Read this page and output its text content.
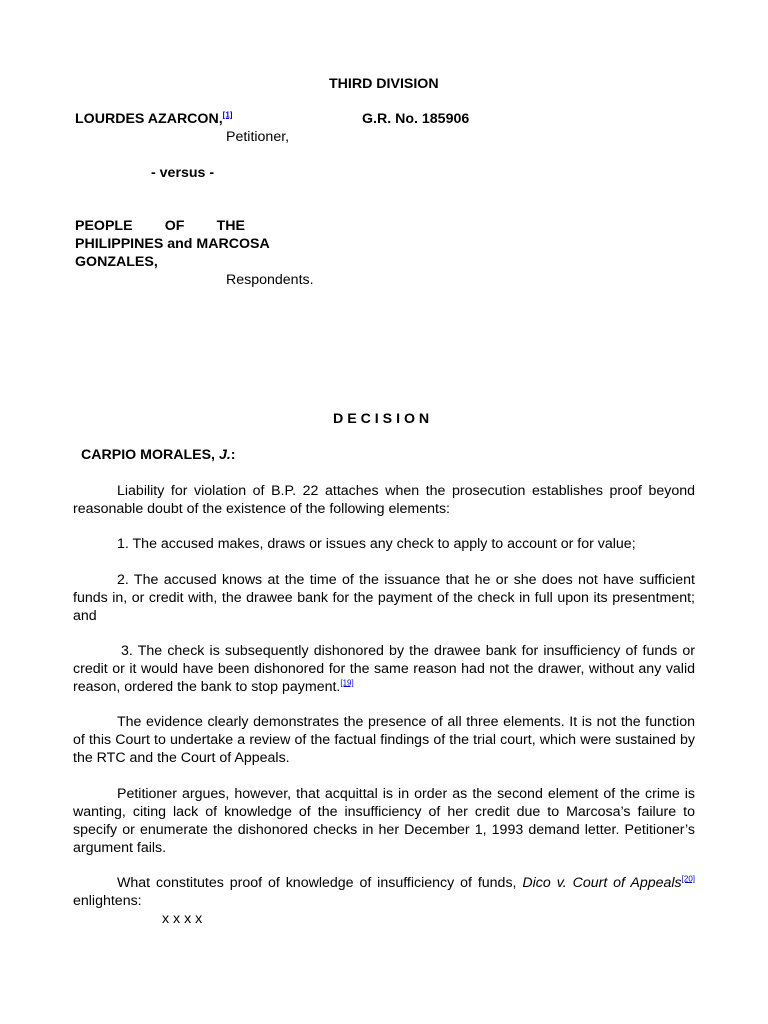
THIRD DIVISION
LOURDES AZARCON,[1]	G.R. No. 185906
Petitioner,
- versus -
PEOPLE OF THE
PHILIPPINES and MARCOSA
GONZALES,
Respondents.
D E C I S I O N
CARPIO MORALES, J.:

Liability for violation of B.P. 22 attaches when the prosecution establishes proof beyond reasonable doubt of the existence of the following elements:

1. The accused makes, draws or issues any check to apply to account or for value;

2. The accused knows at the time of the issuance that he or she does not have sufficient funds in, or credit with, the drawee bank for the payment of the check in full upon its presentment; and

3. The check is subsequently dishonored by the drawee bank for insufficiency of funds or credit or it would have been dishonored for the same reason had not the drawer, without any valid reason, ordered the bank to stop payment.[19]

The evidence clearly demonstrates the presence of all three elements. It is not the function of this Court to undertake a review of the factual findings of the trial court, which were sustained by the RTC and the Court of Appeals.

Petitioner argues, however, that acquittal is in order as the second element of the crime is wanting, citing lack of knowledge of the insufficiency of her credit due to Marcosa’s failure to specify or enumerate the dishonored checks in her December 1, 1993 demand letter. Petitioner’s argument fails.

What constitutes proof of knowledge of insufficiency of funds, Dico v. Court of Appeals[20] enlightens:

x x x x
